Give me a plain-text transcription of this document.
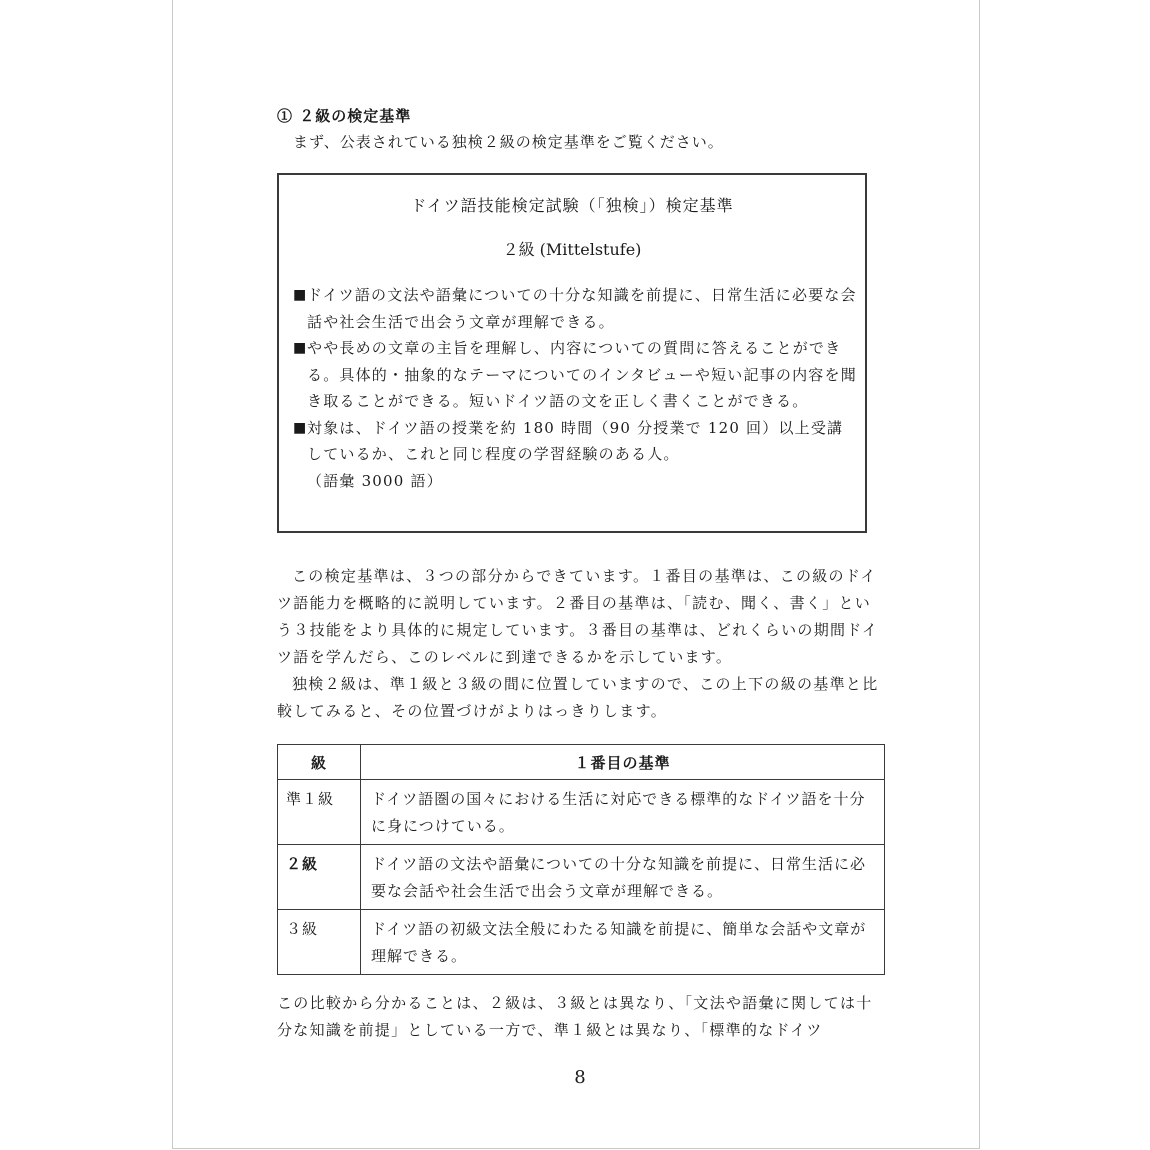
① ２級の検定基準
まず、公表されている独検２級の検定基準をご覧ください。
ドイツ語技能検定試験（「独検」）検定基準
２級 (Mittelstufe)
■ ドイツ語の文法や語彙についての十分な知識を前提に、日常生活に必要な会話や社会生活で出会う文章が理解できる。
■ やや長めの文章の主旨を理解し、内容についての質問に答えることができる。具体的・抽象的なテーマについてのインタビューや短い記事の内容を聞き取ることができる。短いドイツ語の文を正しく書くことができる。
■ 対象は、ドイツ語の授業を約 180 時間（90 分授業で 120 回）以上受講しているか、これと同じ程度の学習経験のある人。
（語彙 3000 語）
この検定基準は、３つの部分からできています。１番目の基準は、この級のドイツ語能力を概略的に説明しています。２番目の基準は、「読む、聞く、書く」という３技能をより具体的に規定しています。３番目の基準は、どれくらいの期間ドイツ語を学んだら、このレベルに到達できるかを示しています。
独検２級は、準１級と３級の間に位置していますので、この上下の級の基準と比較してみると、その位置づけがよりはっきりします。
級	１番目の基準
準１級	ドイツ語圏の国々における生活に対応できる標準的なドイツ語を十分に身につけている。
２級	ドイツ語の文法や語彙についての十分な知識を前提に、日常生活に必要な会話や社会生活で出会う文章が理解できる。
３級	ドイツ語の初級文法全般にわたる知識を前提に、簡単な会話や文章が理解できる。
この比較から分かることは、２級は、３級とは異なり、「文法や語彙に関しては十分な知識を前提」としている一方で、準１級とは異なり、「標準的なドイツ
8
